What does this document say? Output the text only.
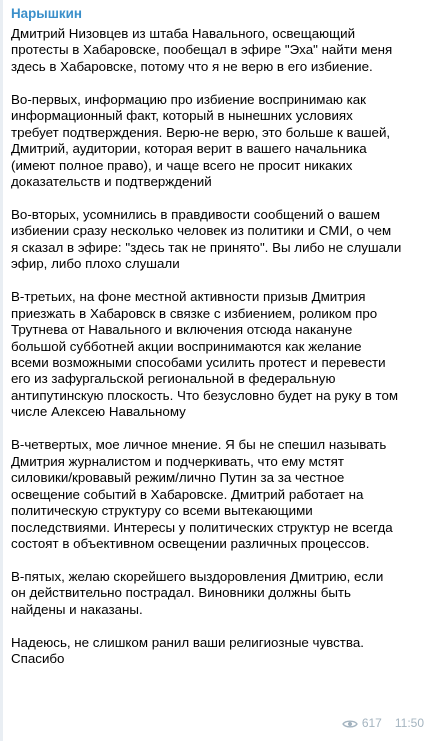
Нарышкин

Дмитрий Низовцев из штаба Навального, освещающий
протесты в Хабаровске, пообещал в эфире "Эха" найти меня
здесь в Хабаровске, потому что я не верю в его избиение.

Во-первых, информацию про избиение воспринимаю как
информационный факт, который в нынешних условиях
требует подтверждения. Верю-не верю, это больше к вашей,
Дмитрий, аудитории, которая верит в вашего начальника
(имеют полное право), и чаще всего не просит никаких
доказательств и подтверждений

Во-вторых, усомнились в правдивости сообщений о вашем
избиении сразу несколько человек из политики и СМИ, о чем
я сказал в эфире: "здесь так не принято". Вы либо не слушали
эфир, либо плохо слушали

В-третьих, на фоне местной активности призыв Дмитрия
приезжать в Хабаровск в связке с избиением, роликом про
Трутнева от Навального и включения отсюда накануне
большой субботней акции воспринимаются как желание
всеми возможными способами усилить протест и перевести
его из зафургальской региональной в федеральную
антипутинскую плоскость. Что безусловно будет на руку в том
числе Алексею Навальному

В-четвертых, мое личное мнение. Я бы не спешил называть
Дмитрия журналистом и подчеркивать, что ему мстят
силовики/кровавый режим/лично Путин за за честное
освещение событий в Хабаровске. Дмитрий работает на
политическую структуру со всеми вытекающими
последствиями. Интересы у политических структур не всегда
состоят в объективном освещении различных процессов.

В-пятых, желаю скорейшего выздоровления Дмитрию, если
он действительно пострадал. Виновники должны быть
найдены и наказаны.

Надеюсь, не слишком ранил ваши религиозные чувства.
Спасибо

617 11:50
